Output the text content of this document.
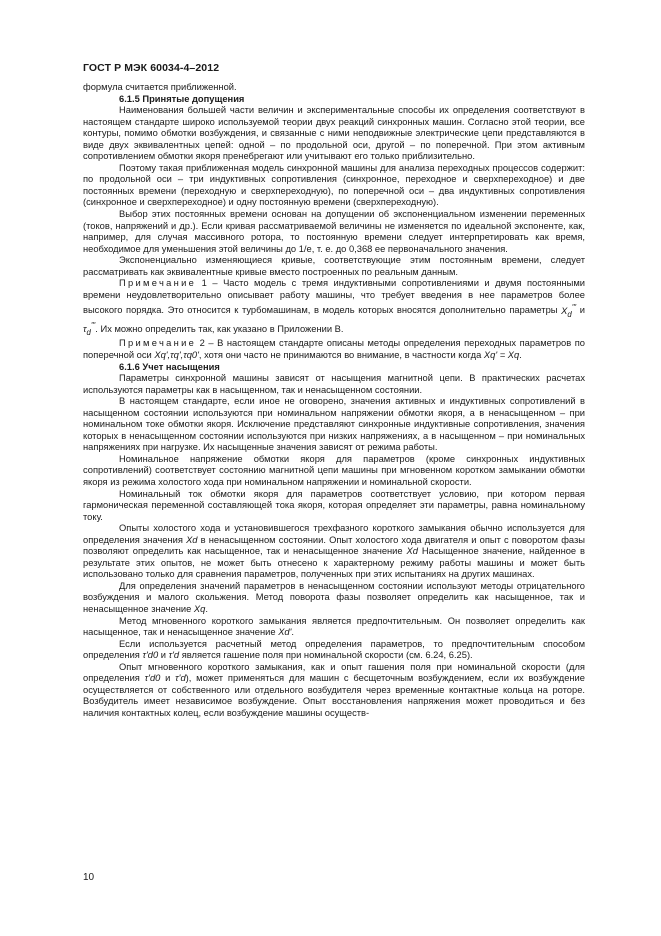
ГОСТ Р МЭК 60034-4–2012

формула считается приближенной.

6.1.5 Принятые допущения

Наименования большей части величин и экспериментальные способы их определения соответствуют в настоящем стандарте широко используемой теории двух реакций синхронных машин. Согласно этой теории, все контуры, помимо обмотки возбуждения, и связанные с ними неподвижные электрические цепи представляются в виде двух эквивалентных цепей: одной – по продольной оси, другой – по поперечной. При этом активным сопротивлением обмотки якоря пренебрегают или учитывают его только приблизительно.

Поэтому такая приближенная модель синхронной машины для анализа переходных процессов содержит: по продольной оси – три индуктивных сопротивления (синхронное, переходное и сверхпереходное) и две постоянных времени (переходную и сверхпереходную), по поперечной оси – два индуктивных сопротивления (синхронное и сверхпереходное) и одну постоянную времени (сверхпереходную).

Выбор этих постоянных времени основан на допущении об экспоненциальном изменении переменных (токов, напряжений и др.). Если кривая рассматриваемой величины не изменяется по идеальной экспоненте, как, например, для случая массивного ротора, то постоянную времени следует интерпретировать как время, необходимое для уменьшения этой величины до 1/е, т. е. до 0,368 ее первоначального значения.

Экспоненциально изменяющиеся кривые, соответствующие этим постоянным времени, следует рассматривать как эквивалентные кривые вместо построенных по реальным данным.

Примечание 1 – Часто модель с тремя индуктивными сопротивлениями и двумя постоянными времени неудовлетворительно описывает работу машины, что требует введения в нее параметров более высокого порядка. Это относится к турбомашинам, в модель которых вносятся дополнительно параметры $X_d'''$ и $\tau_d'''$. Их можно определить так, как указано в Приложении В.

Примечание 2 – В настоящем стандарте описаны методы определения переходных параметров по поперечной оси Xq',τq',τq0', хотя они часто не принимаются во внимание, в частности когда Xq' = Xq.

6.1.6 Учет насыщения

Параметры синхронной машины зависят от насыщения магнитной цепи. В практических расчетах используются параметры как в насыщенном, так и ненасыщенном состоянии.

В настоящем стандарте, если иное не оговорено, значения активных и индуктивных сопротивлений в насыщенном состоянии используются при номинальном напряжении обмотки якоря, а в ненасыщенном – при номинальном токе обмотки якоря. Исключение представляют синхронные индуктивные сопротивления, значения которых в ненасыщенном состоянии используются при низких напряжениях, а в насыщенном – при номинальных напряжениях при нагрузке. Их насыщенные значения зависят от режима работы.

Номинальное напряжение обмотки якоря для параметров (кроме синхронных индуктивных сопротивлений) соответствует состоянию магнитной цепи машины при мгновенном коротком замыкании обмотки якоря из режима холостого хода при номинальном напряжении и номинальной скорости.

Номинальный ток обмотки якоря для параметров соответствует условию, при котором первая гармоническая переменной составляющей тока якоря, которая определяет эти параметры, равна номинальному току.

Опыты холостого хода и установившегося трехфазного короткого замыкания обычно используется для определения значения Xd в ненасыщенном состоянии. Опыт холостого хода двигателя и опыт с поворотом фазы позволяют определить как насыщенное, так и ненасыщенное значение Xd Насыщенное значение, найденное в результате этих опытов, не может быть отнесено к характерному режиму работы машины и может быть использовано только для сравнения параметров, полученных при этих испытаниях на других машинах.

Для определения значений параметров в ненасыщенном состоянии используют методы отрицательного возбуждения и малого скольжения. Метод поворота фазы позволяет определить как насыщенное, так и ненасыщенное значение Xq.

Метод мгновенного короткого замыкания является предпочтительным. Он позволяет определить как насыщенное, так и ненасыщенное значение Xd'.

Если используется расчетный метод определения параметров, то предпочтительным способом определения τ'd0 и τ'd является гашение поля при номинальной скорости (см. 6.24, 6.25).

Опыт мгновенного короткого замыкания, как и опыт гашения поля при номинальной скорости (для определения τ'd0 и τ'd), может применяться для машин с бесщеточным возбуждением, если их возбуждение осуществляется от собственного или отдельного возбудителя через временные контактные кольца на роторе. Возбудитель имеет независимое возбуждение. Опыт восстановления напряжения может проводиться и без наличия контактных колец, если возбуждение машины осуществ-

10
